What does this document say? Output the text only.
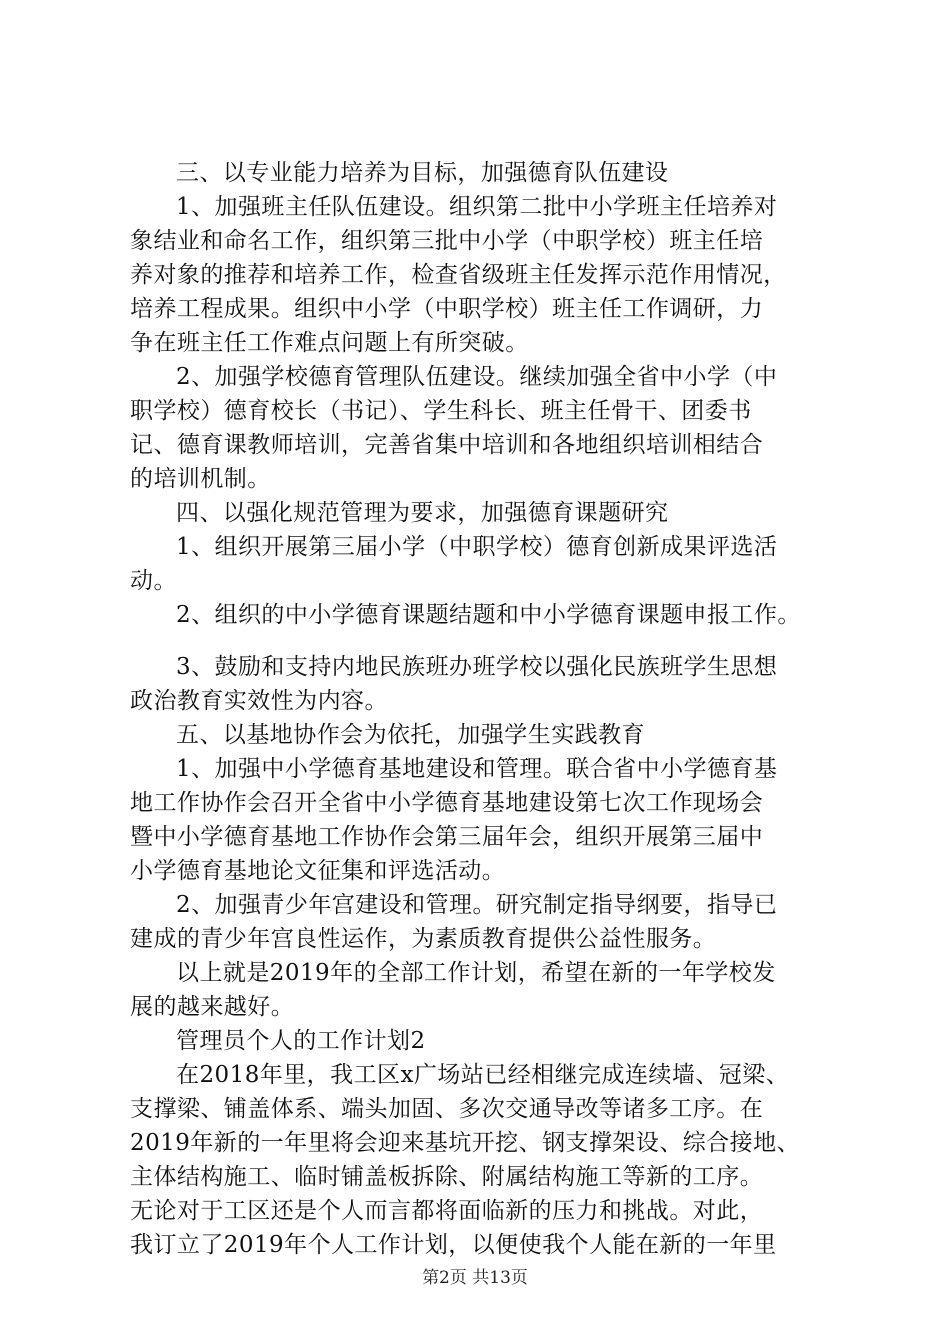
三、以专业能力培养为目标，加强德育队伍建设
1、加强班主任队伍建设。组织第二批中小学班主任培养对
象结业和命名工作，组织第三批中小学（中职学校）班主任培
养对象的推荐和培养工作，检查省级班主任发挥示范作用情况，
培养工程成果。组织中小学（中职学校）班主任工作调研，力
争在班主任工作难点问题上有所突破。
2、加强学校德育管理队伍建设。继续加强全省中小学（中
职学校）德育校长（书记）、学生科长、班主任骨干、团委书
记、德育课教师培训，完善省集中培训和各地组织培训相结合
的培训机制。
四、以强化规范管理为要求，加强德育课题研究
1、组织开展第三届小学（中职学校）德育创新成果评选活
动。
2、组织的中小学德育课题结题和中小学德育课题申报工作。
3、鼓励和支持内地民族班办班学校以强化民族班学生思想
政治教育实效性为内容。
五、以基地协作会为依托，加强学生实践教育
1、加强中小学德育基地建设和管理。联合省中小学德育基
地工作协作会召开全省中小学德育基地建设第七次工作现场会
暨中小学德育基地工作协作会第三届年会，组织开展第三届中
小学德育基地论文征集和评选活动。
2、加强青少年宫建设和管理。研究制定指导纲要，指导已
建成的青少年宫良性运作，为素质教育提供公益性服务。
以上就是2019年的全部工作计划，希望在新的一年学校发
展的越来越好。
管理员个人的工作计划2
在2018年里，我工区x广场站已经相继完成连续墙、冠梁、
支撑梁、铺盖体系、端头加固、多次交通导改等诸多工序。在
2019年新的一年里将会迎来基坑开挖、钢支撑架设、综合接地、
主体结构施工、临时铺盖板拆除、附属结构施工等新的工序。
第2页 共13页
无论对于工区还是个人而言都将面临新的压力和挑战。对此，
我订立了2019年个人工作计划，以便使我个人能在新的一年里
